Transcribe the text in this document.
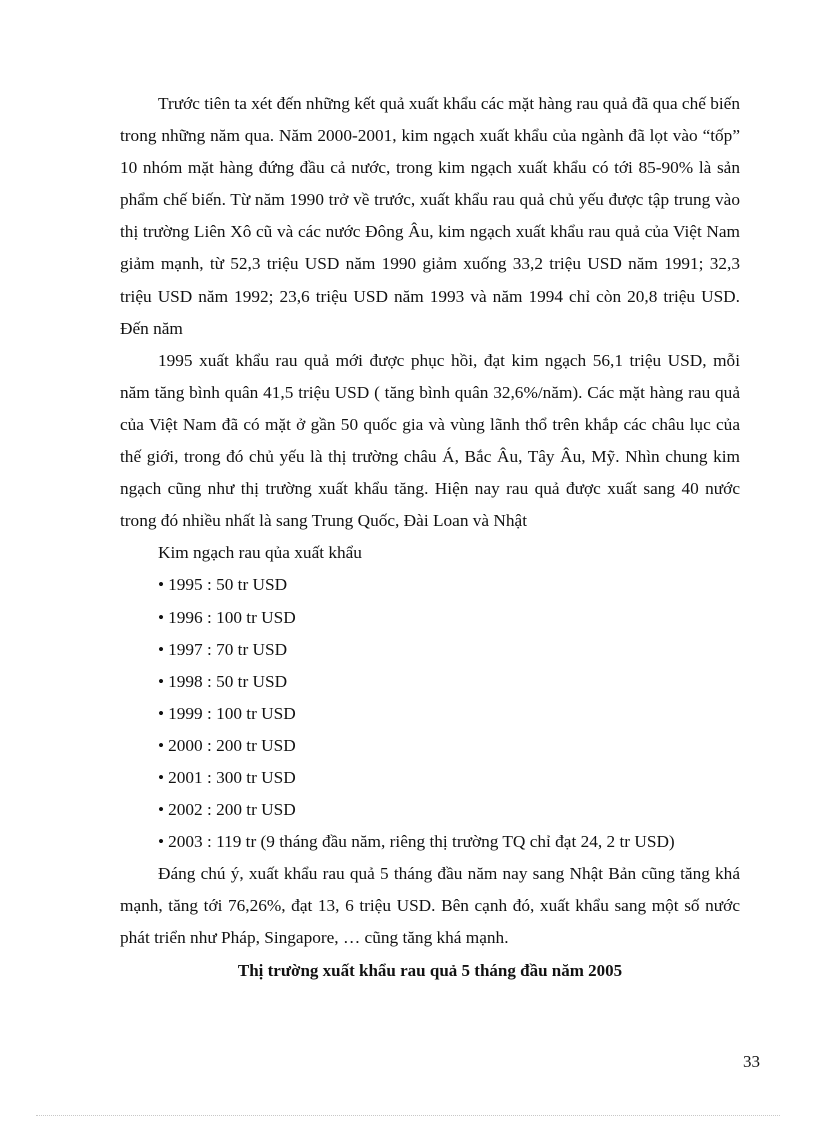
Trước tiên ta xét đến những kết quả xuất khẩu các mặt hàng rau quả đã qua chế biến trong những năm qua. Năm 2000-2001, kim ngạch xuất khẩu của ngành đã lọt vào “tốp” 10 nhóm mặt hàng đứng đầu cả nước, trong kim ngạch xuất khẩu có tới 85-90% là sản phẩm chế biến. Từ năm 1990 trở về trước, xuất khẩu rau quả chủ yếu được tập trung vào thị trường Liên Xô cũ và các nước Đông Âu, kim ngạch xuất khẩu rau quả của Việt Nam giảm mạnh, từ 52,3 triệu USD năm 1990 giảm xuống 33,2 triệu USD năm 1991; 32,3 triệu USD năm 1992; 23,6 triệu USD năm 1993 và năm 1994 chỉ còn 20,8 triệu USD. Đến năm

1995 xuất khẩu rau quả mới được phục hồi, đạt kim ngạch 56,1 triệu USD, mỗi năm tăng bình quân 41,5 triệu USD ( tăng bình quân 32,6%/năm). Các mặt hàng rau quả của Việt Nam đã có mặt ở gần 50 quốc gia và vùng lãnh thổ trên khắp các châu lục của thế giới, trong đó chủ yếu là thị trường châu Á, Bắc Âu, Tây Âu, Mỹ. Nhìn chung kim ngạch cũng như thị trường xuất khẩu tăng. Hiện nay rau quả được xuất sang 40 nước trong đó nhiều nhất là sang Trung Quốc, Đài Loan và Nhật

Kim ngạch rau qủa xuất khẩu

• 1995 : 50 tr USD
• 1996 : 100 tr USD
• 1997 : 70 tr USD
• 1998 : 50 tr USD
• 1999 : 100 tr USD
• 2000 : 200 tr USD
• 2001 : 300 tr USD
• 2002 : 200 tr USD
• 2003 : 119 tr (9 tháng đầu năm, riêng thị trường TQ chỉ đạt 24, 2 tr USD)

Đáng chú ý, xuất khẩu rau quả 5 tháng đầu năm nay sang Nhật Bản cũng tăng khá mạnh, tăng tới 76,26%, đạt 13, 6 triệu USD. Bên cạnh đó, xuất khẩu sang một số nước phát triển như Pháp, Singapore, … cũng tăng khá mạnh.

Thị trường xuất khẩu rau quả 5 tháng đầu năm 2005

33
